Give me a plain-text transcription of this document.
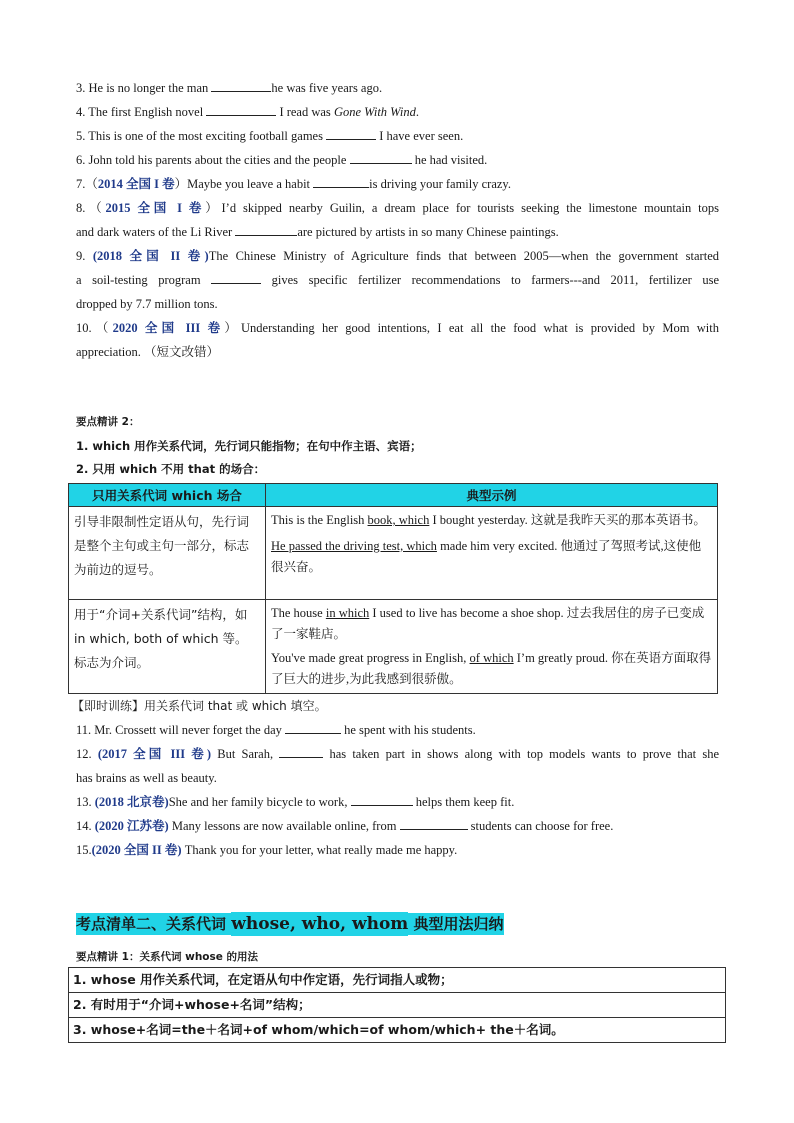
3. He is no longer the man	he was five years ago.
4. The first English novel	I read was Gone With Wind.
5. This is one of the most exciting football games	I have ever seen.
6. John told his parents about the cities and the people	he had visited.
7.（2014 全国 I 卷）Maybe you leave a habit	is driving your family crazy.
8.（2015 全国 I 卷）I’d skipped nearby Guilin, a dream place for tourists seeking the limestone mountain tops
and dark waters of the Li River	are pictured by artists in so many Chinese paintings.
9. (2018 全国 II 卷)The Chinese Ministry of Agriculture finds that between 2005—when the government started
a soil-testing program	gives specific fertilizer recommendations to farmers---and 2011, fertilizer use
dropped by 7.7 million tons.
10.（2020 全国 III 卷）Understanding her good intentions, I eat all the food what is provided by Mom with
appreciation. （短文改错）
要点精讲 2：
1. which 用作关系代词，先行词只能指物；在句中作主语、宾语；
2. 只用 which 不用 that 的场合：
只用关系代词 which 场合	典型示例
引导非限制性定语从句，先行词是整个主句或主句一部分，标志为前边的逗号。	This is the English book, which I bought yesterday. 这就是我昨天买的那本英语书。
He passed the driving test, which made him very excited. 他通过了驾照考试,这使他很兴奋。

用于“介词+关系代词”结构，如 in which, both of which 等。标志为介词。	The house in which I used to live has become a shoe shop. 过去我居住的房子已变成了一家鞋店。
You've made great progress in English, of which I’m greatly proud. 你在英语方面取得了巨大的进步,为此我感到很骄傲。
【即时训练】用关系代词 that 或 which 填空。
11. Mr. Crossett will never forget the day	he spent with his students.
12. (2017 全国 III 卷) But Sarah,	has taken part in shows along with top models wants to prove that she
has brains as well as beauty.
13. (2018 北京卷)She and her family bicycle to work,	helps them keep fit.
14. (2020 江苏卷) Many lessons are now available online, from	students can choose for free.
15.(2020 全国 II 卷) Thank you for your letter, what really made me happy.
考点清单二、关系代词 whose, who, whom 典型用法归纳
要点精讲 1：关系代词 whose 的用法
1. whose 用作关系代词，在定语从句中作定语，先行词指人或物；
2. 有时用于“介词+whose+名词”结构；
3. whose+名词=the＋名词+of whom/which=of whom/which+ the＋名词。
